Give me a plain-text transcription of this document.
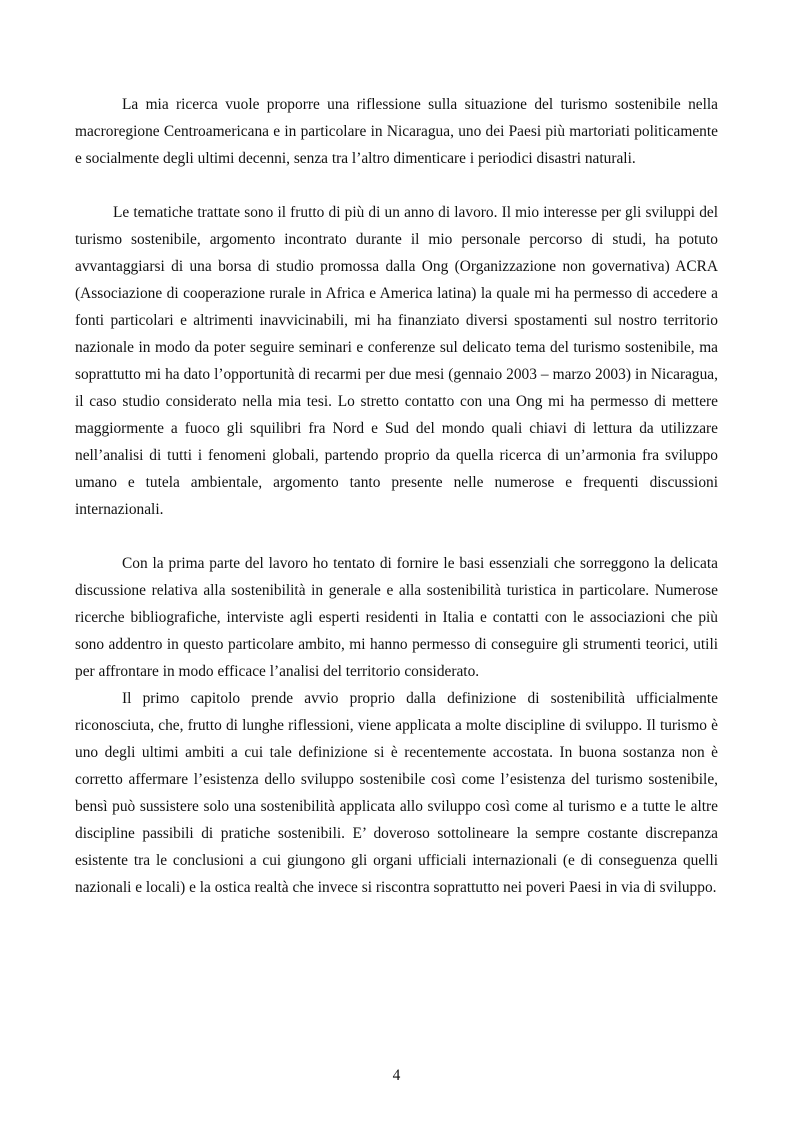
La mia ricerca vuole proporre una riflessione sulla situazione del turismo sostenibile nella macroregione Centroamericana e in particolare in Nicaragua, uno dei Paesi più martoriati politicamente e socialmente degli ultimi decenni, senza tra l’altro dimenticare i periodici disastri naturali.

Le tematiche trattate sono il frutto di più di un anno di lavoro. Il mio interesse per gli sviluppi del turismo sostenibile, argomento incontrato durante il mio personale percorso di studi, ha potuto avvantaggiarsi di una borsa di studio promossa dalla Ong (Organizzazione non governativa) ACRA (Associazione di cooperazione rurale in Africa e America latina) la quale mi ha permesso di accedere a fonti particolari e altrimenti inavvicinabili, mi ha finanziato diversi spostamenti sul nostro territorio nazionale in modo da poter seguire seminari e conferenze sul delicato tema del turismo sostenibile, ma soprattutto mi ha dato l’opportunità di recarmi per due mesi (gennaio 2003 – marzo 2003) in Nicaragua, il caso studio considerato nella mia tesi. Lo stretto contatto con una Ong mi ha permesso di mettere maggiormente a fuoco gli squilibri fra Nord e Sud del mondo quali chiavi di lettura da utilizzare nell’analisi di tutti i fenomeni globali, partendo proprio da quella ricerca di un’armonia fra sviluppo umano e tutela ambientale, argomento tanto presente nelle numerose e frequenti discussioni internazionali.

Con la prima parte del lavoro ho tentato di fornire le basi essenziali che sorreggono la delicata discussione relativa alla sostenibilità in generale e alla sostenibilità turistica in particolare. Numerose ricerche bibliografiche, interviste agli esperti residenti in Italia e contatti con le associazioni che più sono addentro in questo particolare ambito, mi hanno permesso di conseguire gli strumenti teorici, utili per affrontare in modo efficace l’analisi del territorio considerato.

Il primo capitolo prende avvio proprio dalla definizione di sostenibilità ufficialmente riconosciuta, che, frutto di lunghe riflessioni, viene applicata a molte discipline di sviluppo. Il turismo è uno degli ultimi ambiti a cui tale definizione si è recentemente accostata. In buona sostanza non è corretto affermare l’esistenza dello sviluppo sostenibile così come l’esistenza del turismo sostenibile, bensì può sussistere solo una sostenibilità applicata allo sviluppo così come al turismo e a tutte le altre discipline passibili di pratiche sostenibili. E’ doveroso sottolineare la sempre costante discrepanza esistente tra le conclusioni a cui giungono gli organi ufficiali internazionali (e di conseguenza quelli nazionali e locali) e la ostica realtà che invece si riscontra soprattutto nei poveri Paesi in via di sviluppo.

4
